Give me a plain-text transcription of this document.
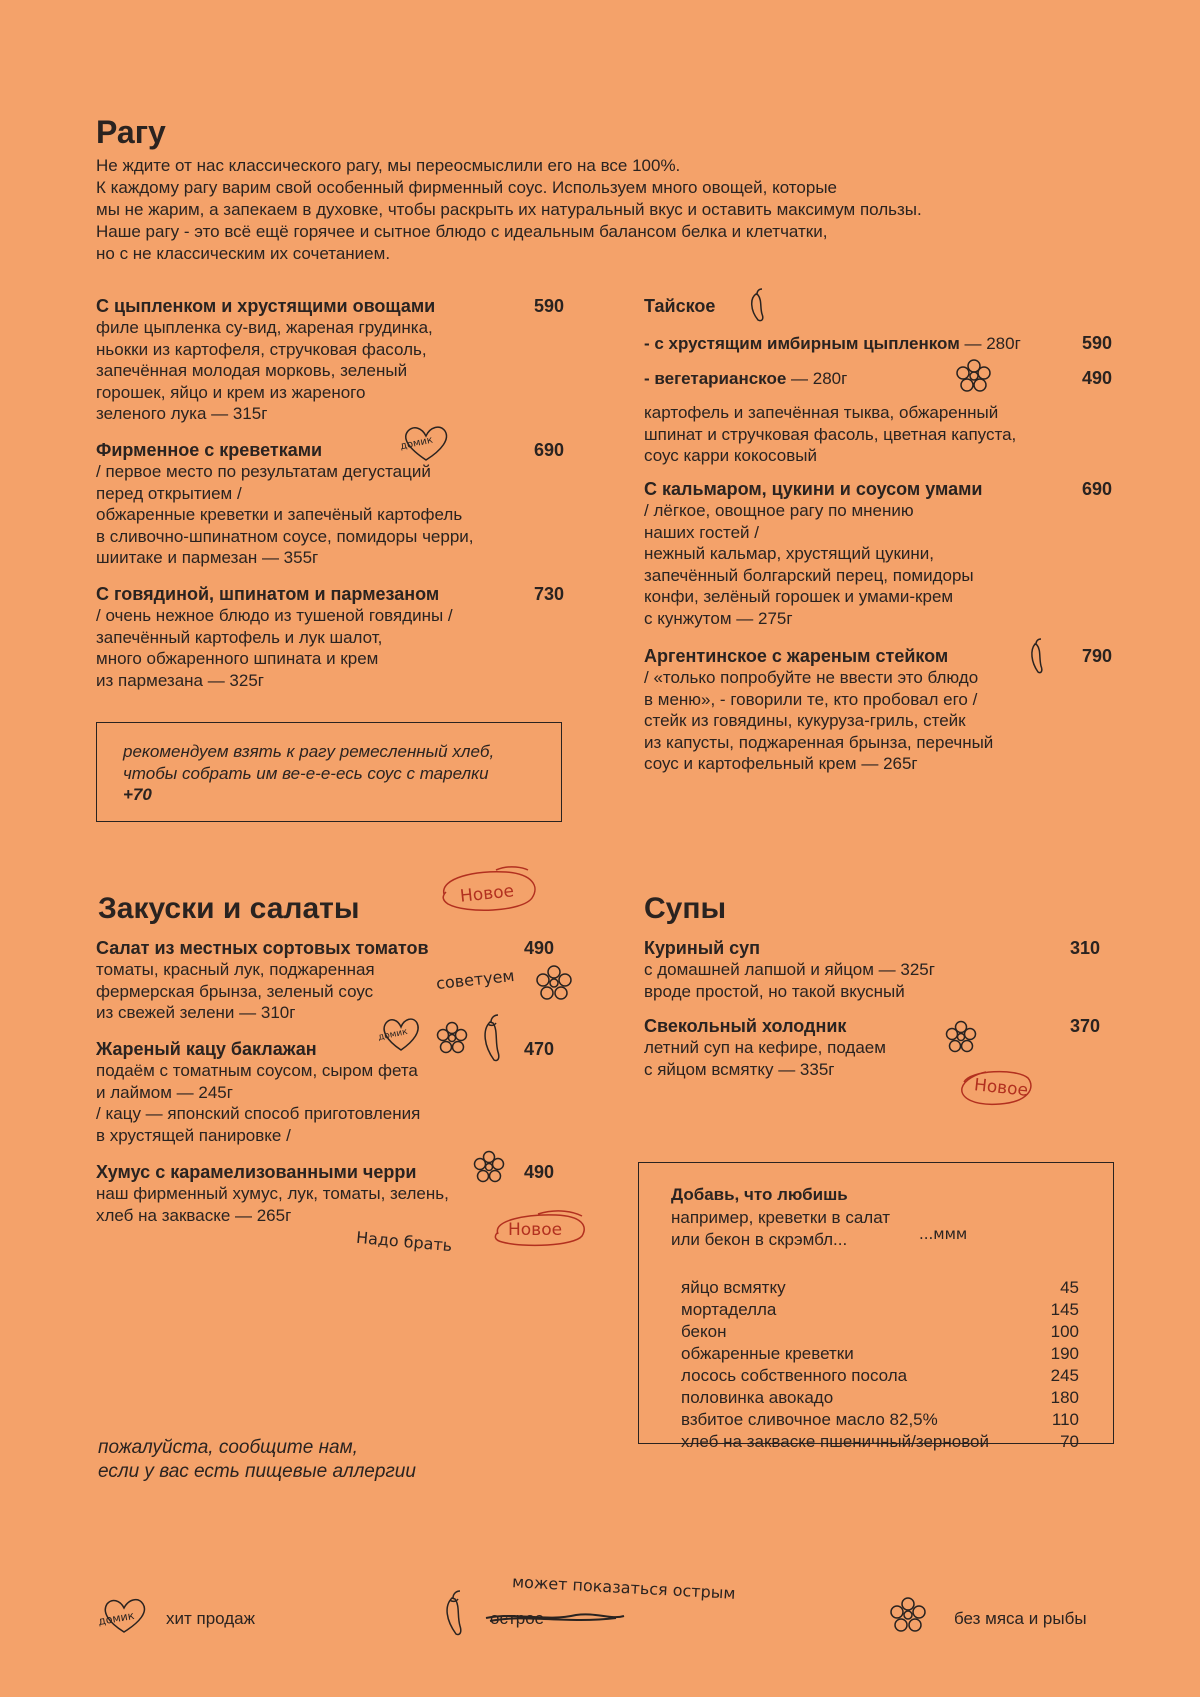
Рагу
Не ждите от нас классического рагу, мы переосмыслили его на все 100%.
К каждому рагу варим свой особенный фирменный соус. Используем много овощей, которые
мы не жарим, а запекаем в духовке, чтобы раскрыть их натуральный вкус и оставить максимум пользы.
Наше рагу - это всё ещё горячее и сытное блюдо с идеальным балансом белка и клетчатки,
но с не классическим их сочетанием.
С цыпленком и хрустящими овощами	590
филе цыпленка су-вид, жареная грудинка,
ньокки из картофеля, стручковая фасоль,
запечённая молодая морковь, зеленый
горошек, яйцо и крем из жареного
зеленого лука — 315г
Фирменное с креветками	690
/ первое место по результатам дегустаций
перед открытием /
обжаренные креветки и запечёный картофель
в сливочно-шпинатном соусе, помидоры черри,
шиитаке и пармезан — 355г
домик
С говядиной, шпинатом и пармезаном	730
/ очень нежное блюдо из тушеной говядины /
запечённый картофель и лук шалот,
много обжаренного шпината и крем
из пармезана — 325г
рекомендуем взять к рагу ремесленный хлеб,
чтобы собрать им ве-е-е-есь соус с тарелки
+70
Тайское
- с хрустящим имбирным цыпленком — 280г	590
- вегетарианское — 280г	490
картофель и запечённая тыква, обжаренный
шпинат и стручковая фасоль, цветная капуста,
соус карри кокосовый
С кальмаром, цукини и соусом умами	690
/ лёгкое, овощное рагу по мнению
наших гостей /
нежный кальмар, хрустящий цукини,
запечённый болгарский перец, помидоры
конфи, зелёный горошек и умами-крем
с кунжутом — 275г
Аргентинское с жареным стейком	790
/ «только попробуйте не ввести это блюдо
в меню», - говорили те, кто пробовал его /
стейк из говядины, кукуруза-гриль, стейк
из капусты, поджаренная брынза, перечный
соус и картофельный крем — 265г
Закуски и салаты	Новое
Салат из местных сортовых томатов	490
томаты, красный лук, поджаренная
фермерская брынза, зеленый соус
из свежей зелени — 310г
советуем
Жареный кацу баклажан	470
подаём с томатным соусом, сыром фета
и лаймом — 245г
/ кацу — японский способ приготовления
в хрустящей панировке /
домик
Хумус с карамелизованными черри	490
наш фирменный хумус, лук, томаты, зелень,
хлеб на закваске — 265г
Надо брать	Новое
пожалуйста, сообщите нам,
если у вас есть пищевые аллергии
Супы
Куриный суп	310
с домашней лапшой и яйцом — 325г
вроде простой, но такой вкусный
Свекольный холодник	370
летний суп на кефире, подаем
с яйцом всмятку — 335г
Новое
Добавь, что любишь
например, креветки в салат
или бекон в скрэмбл...	...ммм
яйцо всмятку	45
мортаделла	145
бекон	100
обжаренные креветки	190
лосось собственного посола	245
половинка авокадо	180
взбитое сливочное масло 82,5%	110
хлеб на закваске пшеничный/зерновой	70
домик хит продаж	острое
может показаться острым
без мяса и рыбы
